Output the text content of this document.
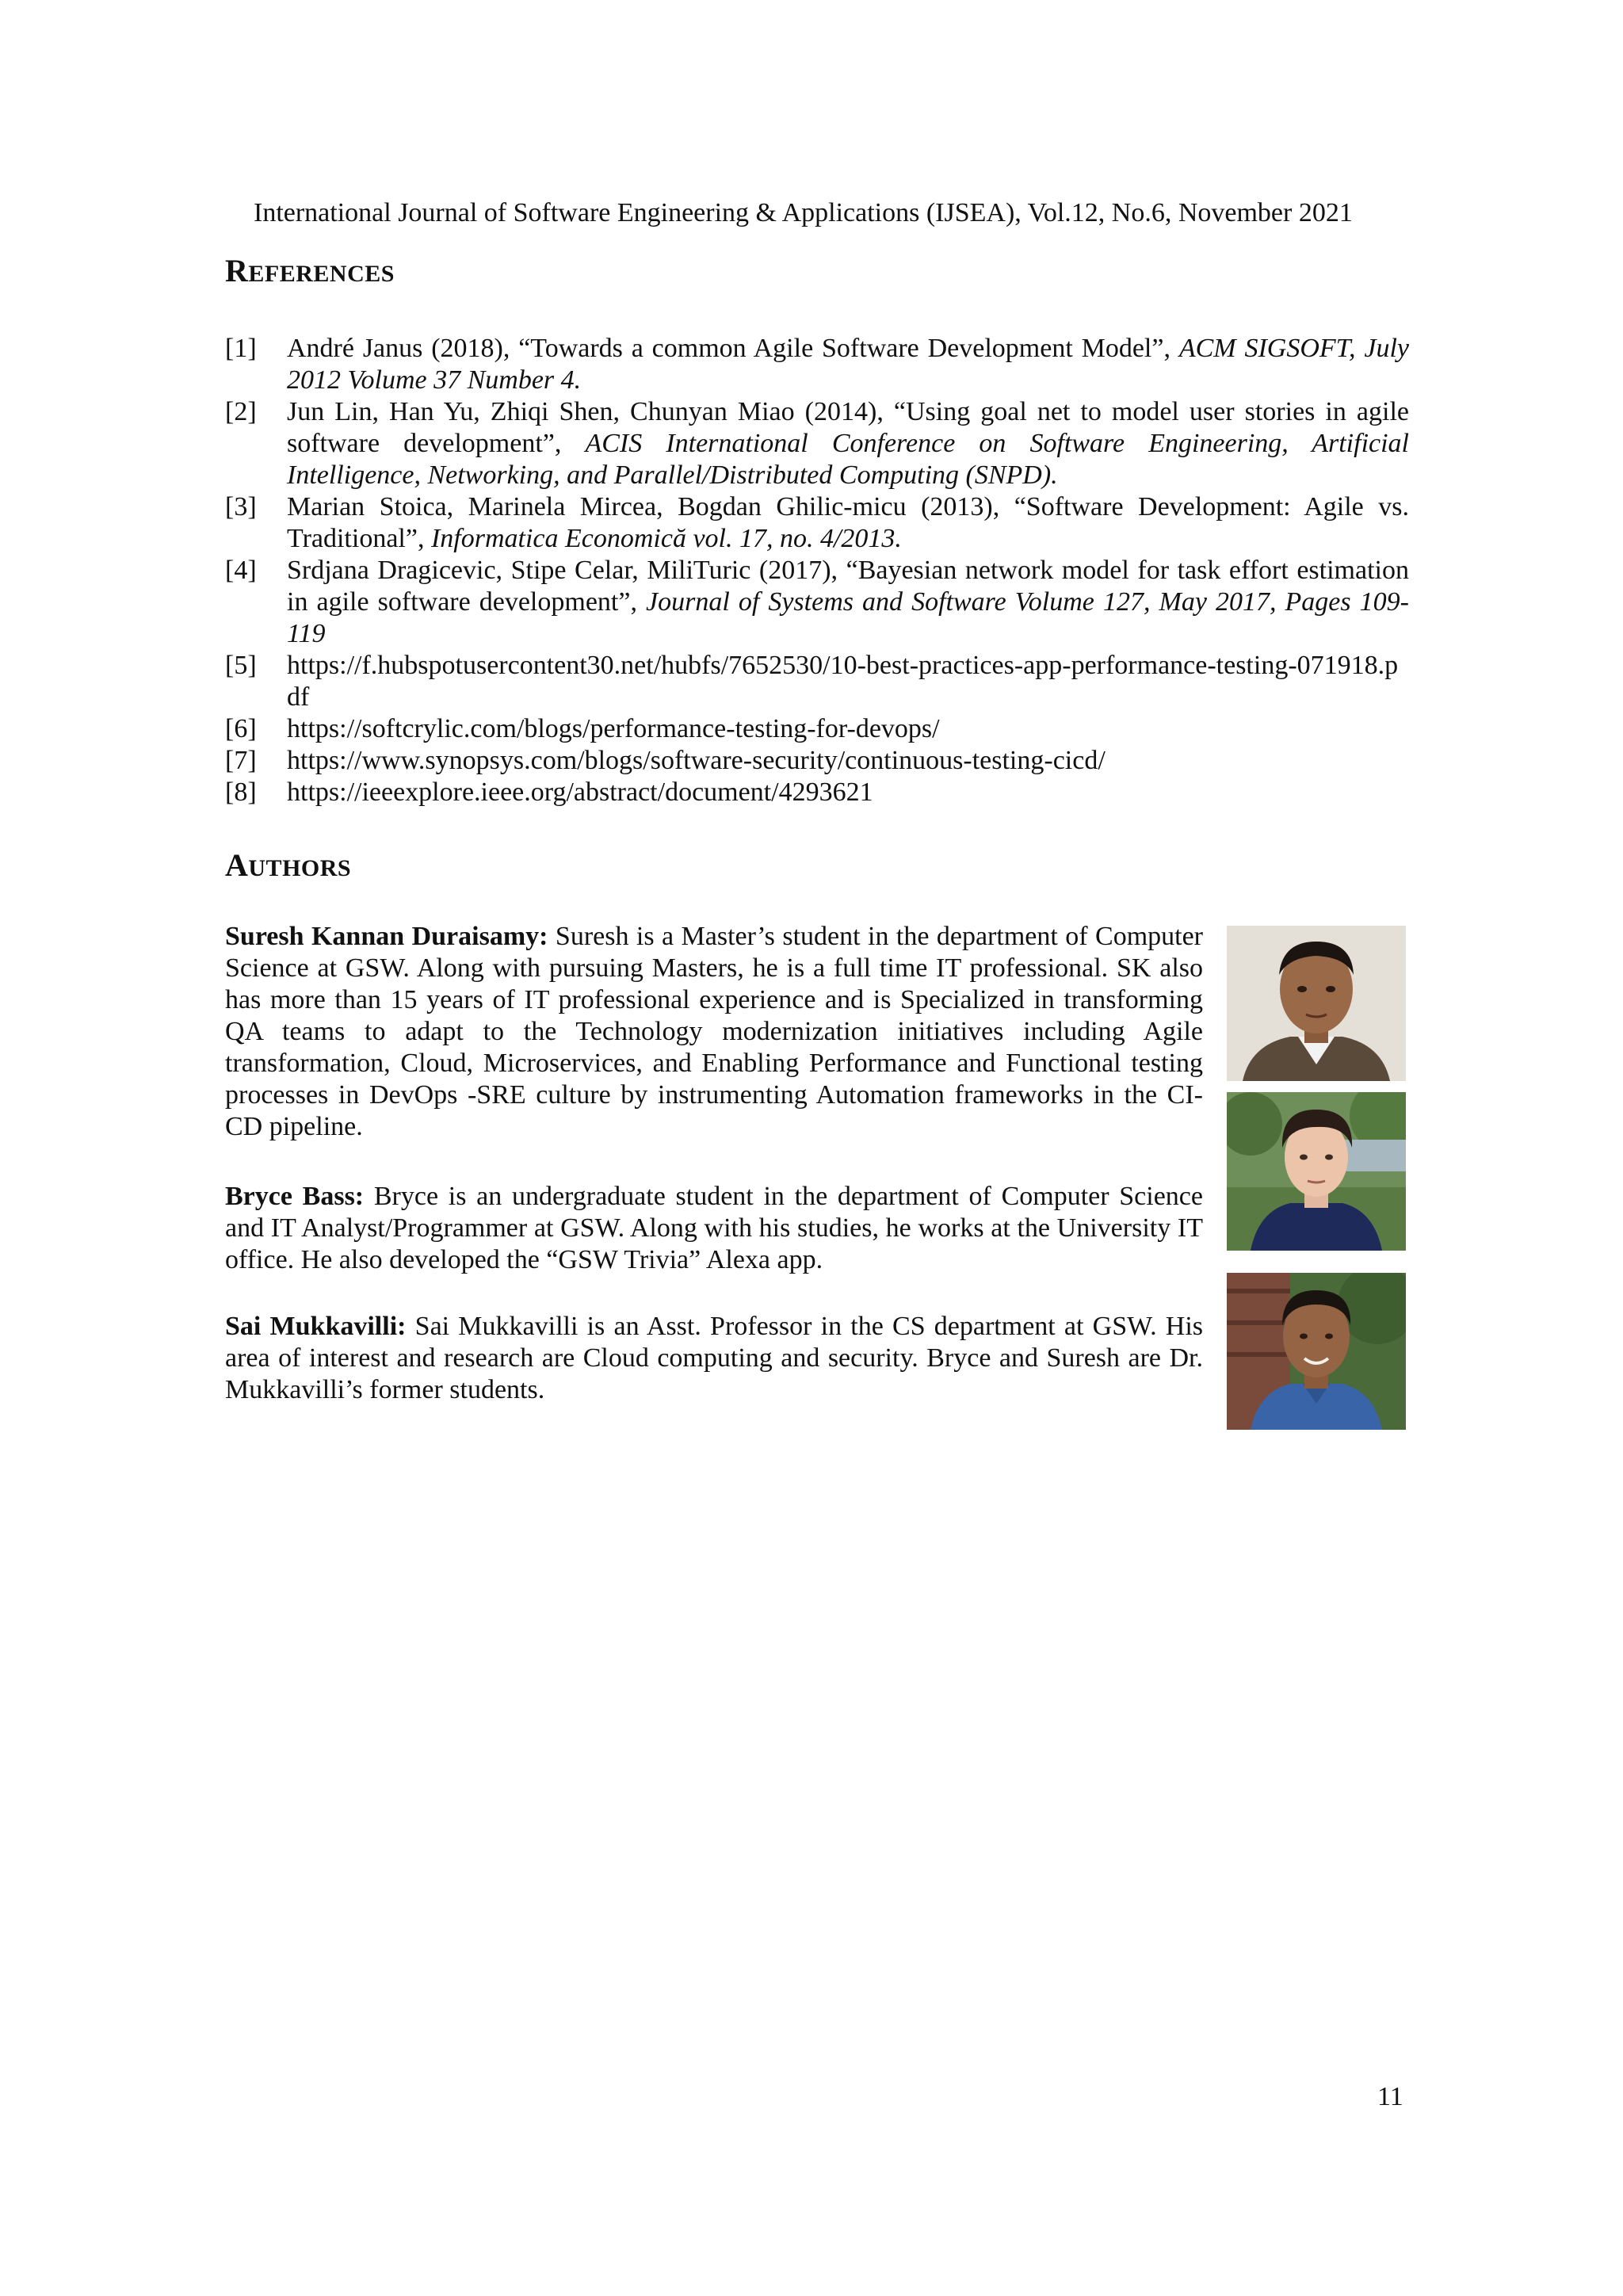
International Journal of Software Engineering & Applications (IJSEA), Vol.12, No.6, November 2021
REFERENCES
[1] André Janus (2018), “Towards a common Agile Software Development Model”, ACM SIGSOFT, July 2012 Volume 37 Number 4.
[2] Jun Lin, Han Yu, Zhiqi Shen, Chunyan Miao (2014), “Using goal net to model user stories in agile software development”, ACIS International Conference on Software Engineering, Artificial Intelligence, Networking, and Parallel/Distributed Computing (SNPD).
[3] Marian Stoica, Marinela Mircea, Bogdan Ghilic-micu (2013), “Software Development: Agile vs. Traditional”, Informatica Economică vol. 17, no. 4/2013.
[4] Srdjana Dragicevic, Stipe Celar, MiliTuric (2017), “Bayesian network model for task effort estimation in agile software development”, Journal of Systems and Software Volume 127, May 2017, Pages 109-119
[5] https://f.hubspotusercontent30.net/hubfs/7652530/10-best-practices-app-performance-testing-071918.pdf
[6] https://softcrylic.com/blogs/performance-testing-for-devops/
[7] https://www.synopsys.com/blogs/software-security/continuous-testing-cicd/
[8] https://ieeexplore.ieee.org/abstract/document/4293621
AUTHORS

Suresh Kannan Duraisamy: Suresh is a Master’s student in the department of Computer Science at GSW. Along with pursuing Masters, he is a full time IT professional. SK also has more than 15 years of IT professional experience and is Specialized in transforming QA teams to adapt to the Technology modernization initiatives including Agile transformation, Cloud, Microservices, and Enabling Performance and Functional testing processes in DevOps -SRE culture by instrumenting Automation frameworks in the CI-CD pipeline.

Bryce Bass: Bryce is an undergraduate student in the department of Computer Science and IT Analyst/Programmer at GSW. Along with his studies, he works at the University IT office. He also developed the “GSW Trivia” Alexa app.

Sai Mukkavilli: Sai Mukkavilli is an Asst. Professor in the CS department at GSW. His area of interest and research are Cloud computing and security. Bryce and Suresh are Dr. Mukkavilli’s former students.

11
